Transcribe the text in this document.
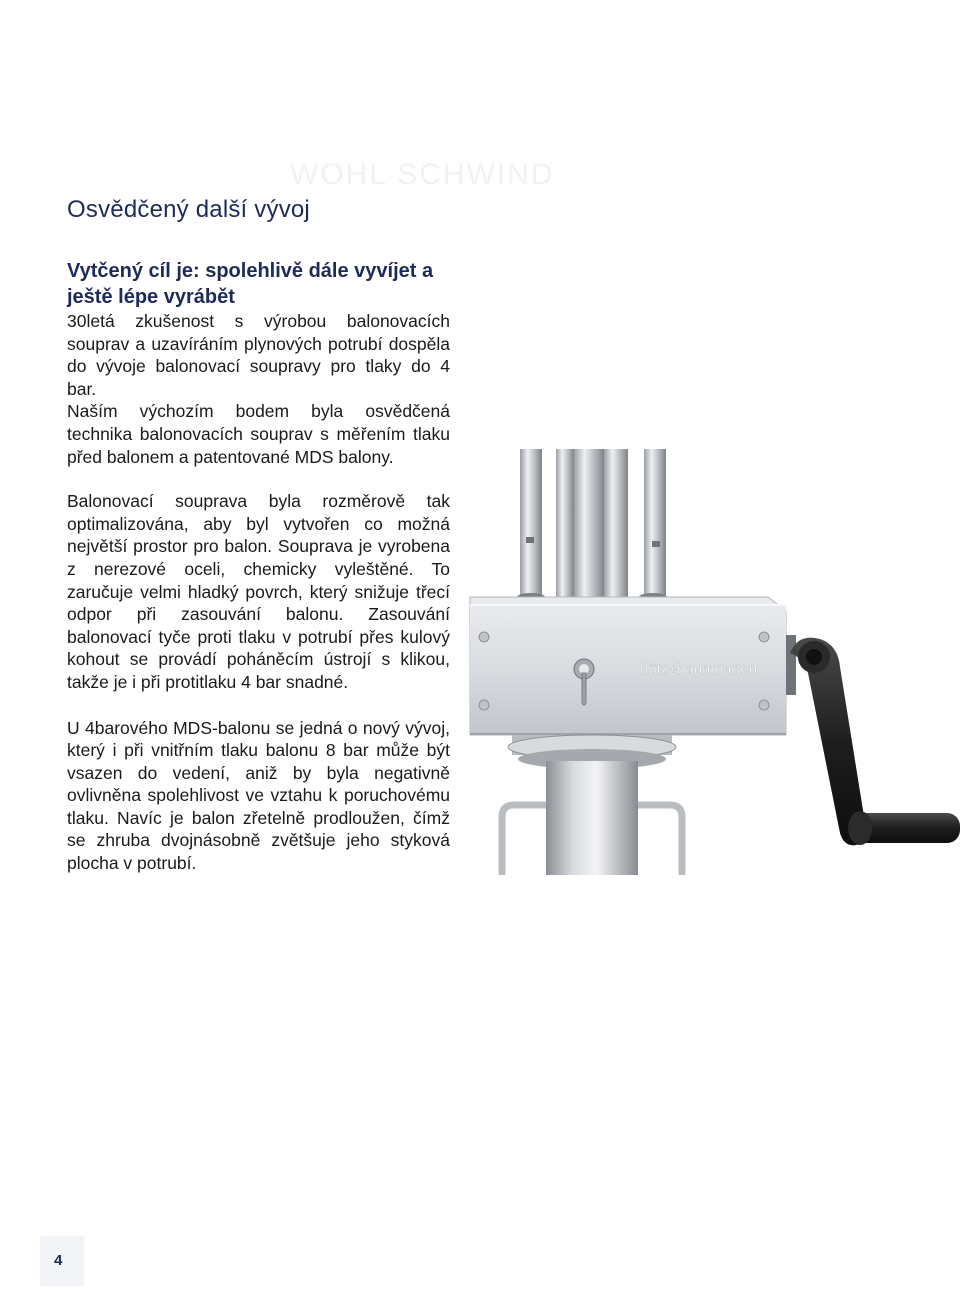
WOHL SCHWIND
Osvědčený další vývoj

Vytčený cíl je: spolehlivě dále vyvíjet a ještě lépe vyrábět

30letá zkušenost s výrobou balonovacích souprav a uzavíráním plynových potrubí dospěla do vývoje balonovací soupravy pro tlaky do 4 bar.

Naším výchozím bodem byla osvědčená technika balonovacích souprav s měřením tlaku před balonem a patentované MDS balony.

Balonovací souprava byla rozměrově tak optimalizována, aby byl vytvořen co možná největší prostor pro balon. Souprava je vyrobena z nerezové oceli, chemicky vyleštěné. To zaručuje velmi hladký povrch, který snižuje třecí odpor při zasouvání balonu. Zasouvání balonovací tyče proti tlaku v potrubí přes kulový kohout se provádí poháněcím ústrojí s klikou, takže je i při protitlaku 4 bar snadné.

U 4barového MDS-balonu se jedná o nový vývoj, který i při vnitřním tlaku balonu 8 bar může být vsazen do vedení, aniž by byla negativně ovlivněna spolehlivost ve vztahu k poruchovému tlaku. Navíc je balon zřetelně prodloužen, čímž se zhruba dvojnásobně zvětšuje jeho styková plocha v potrubí.

hütz+baumgarten
4
